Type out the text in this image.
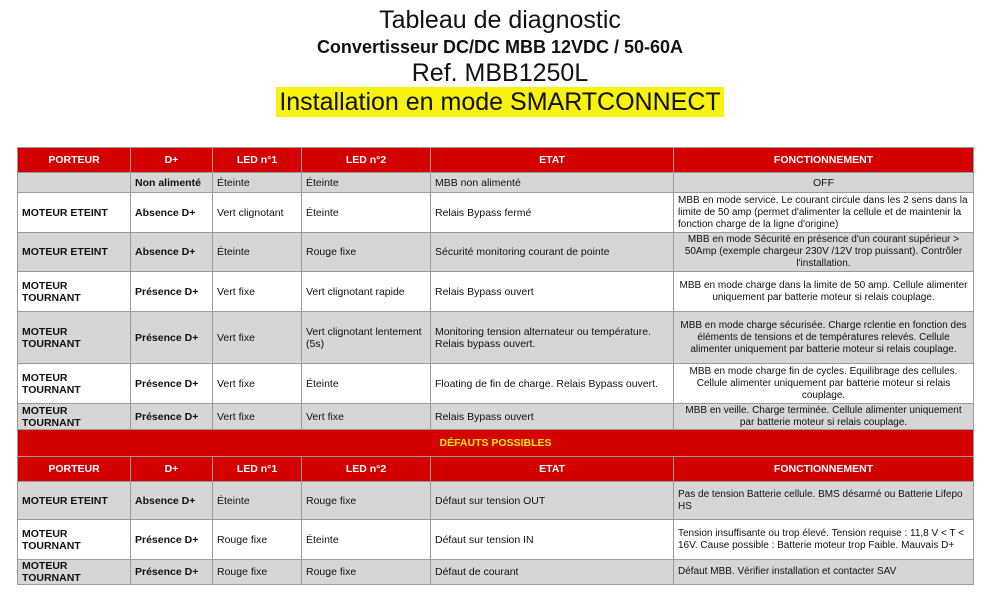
Tableau de diagnostic
Convertisseur DC/DC MBB 12VDC / 50-60A
Ref. MBB1250L
Installation en mode SMARTCONNECT
PORTEUR	D+	LED n°1	LED n°2	ETAT	FONCTIONNEMENT
	Non alimenté	Éteinte	Éteinte	MBB non alimenté	OFF
MOTEUR ETEINT	Absence D+	Vert clignotant	Éteinte	Relais Bypass fermé	MBB en mode service. Le courant circule dans les 2 sens dans la limite de 50 amp (permet d'alimenter la cellule et de maintenir la fonction charge de la ligne d'origine)
MOTEUR ETEINT	Absence D+	Éteinte	Rouge fixe	Sécurité monitoring courant de pointe	MBB en mode Sécurité en présence d'un courant supérieur > 50Amp (exemple chargeur 230V /12V trop puissant). Contrôler l'installation.
MOTEUR TOURNANT	Présence D+	Vert fixe	Vert clignotant rapide	Relais Bypass ouvert	MBB en mode charge dans la limite de 50 amp. Cellule alimenter uniquement par batterie moteur si relais couplage.
MOTEUR TOURNANT	Présence D+	Vert fixe	Vert clignotant lentement (5s)	Monitoring tension alternateur ou température. Relais bypass ouvert.	MBB en mode charge sécurisée. Charge rclentie en fonction des éléments de tensions et de températures relevés. Cellule alimenter uniquement par batterie moteur si relais couplage.
MOTEUR TOURNANT	Présence D+	Vert fixe	Éteinte	Floating de fin de charge. Relais Bypass ouvert.	MBB en mode charge fin de cycles. Equilibrage des cellules. Cellule alimenter uniquement par batterie moteur si relais couplage.
MOTEUR TOURNANT	Présence D+	Vert fixe	Vert fixe	Relais Bypass ouvert	MBB en veille. Charge terminée. Cellule alimenter uniquement par batterie moteur si relais couplage.
DÉFAUTS POSSIBLES					
PORTEUR	D+	LED n°1	LED n°2	ETAT	FONCTIONNEMENT
MOTEUR ETEINT	Absence D+	Éteinte	Rouge fixe	Défaut sur tension OUT	Pas de tension Batterie cellule. BMS désarmé ou Batterie Lifepo HS
MOTEUR TOURNANT	Présence D+	Rouge fixe	Éteinte	Défaut sur tension IN	Tension insuffisante ou trop élevé. Tension requise : 11,8 V < T < 16V. Cause possible : Batterie moteur trop Faible. Mauvais D+
MOTEUR TOURNANT	Présence D+	Rouge fixe	Rouge fixe	Défaut de courant	Défaut MBB. Vérifier installation et contacter SAV
